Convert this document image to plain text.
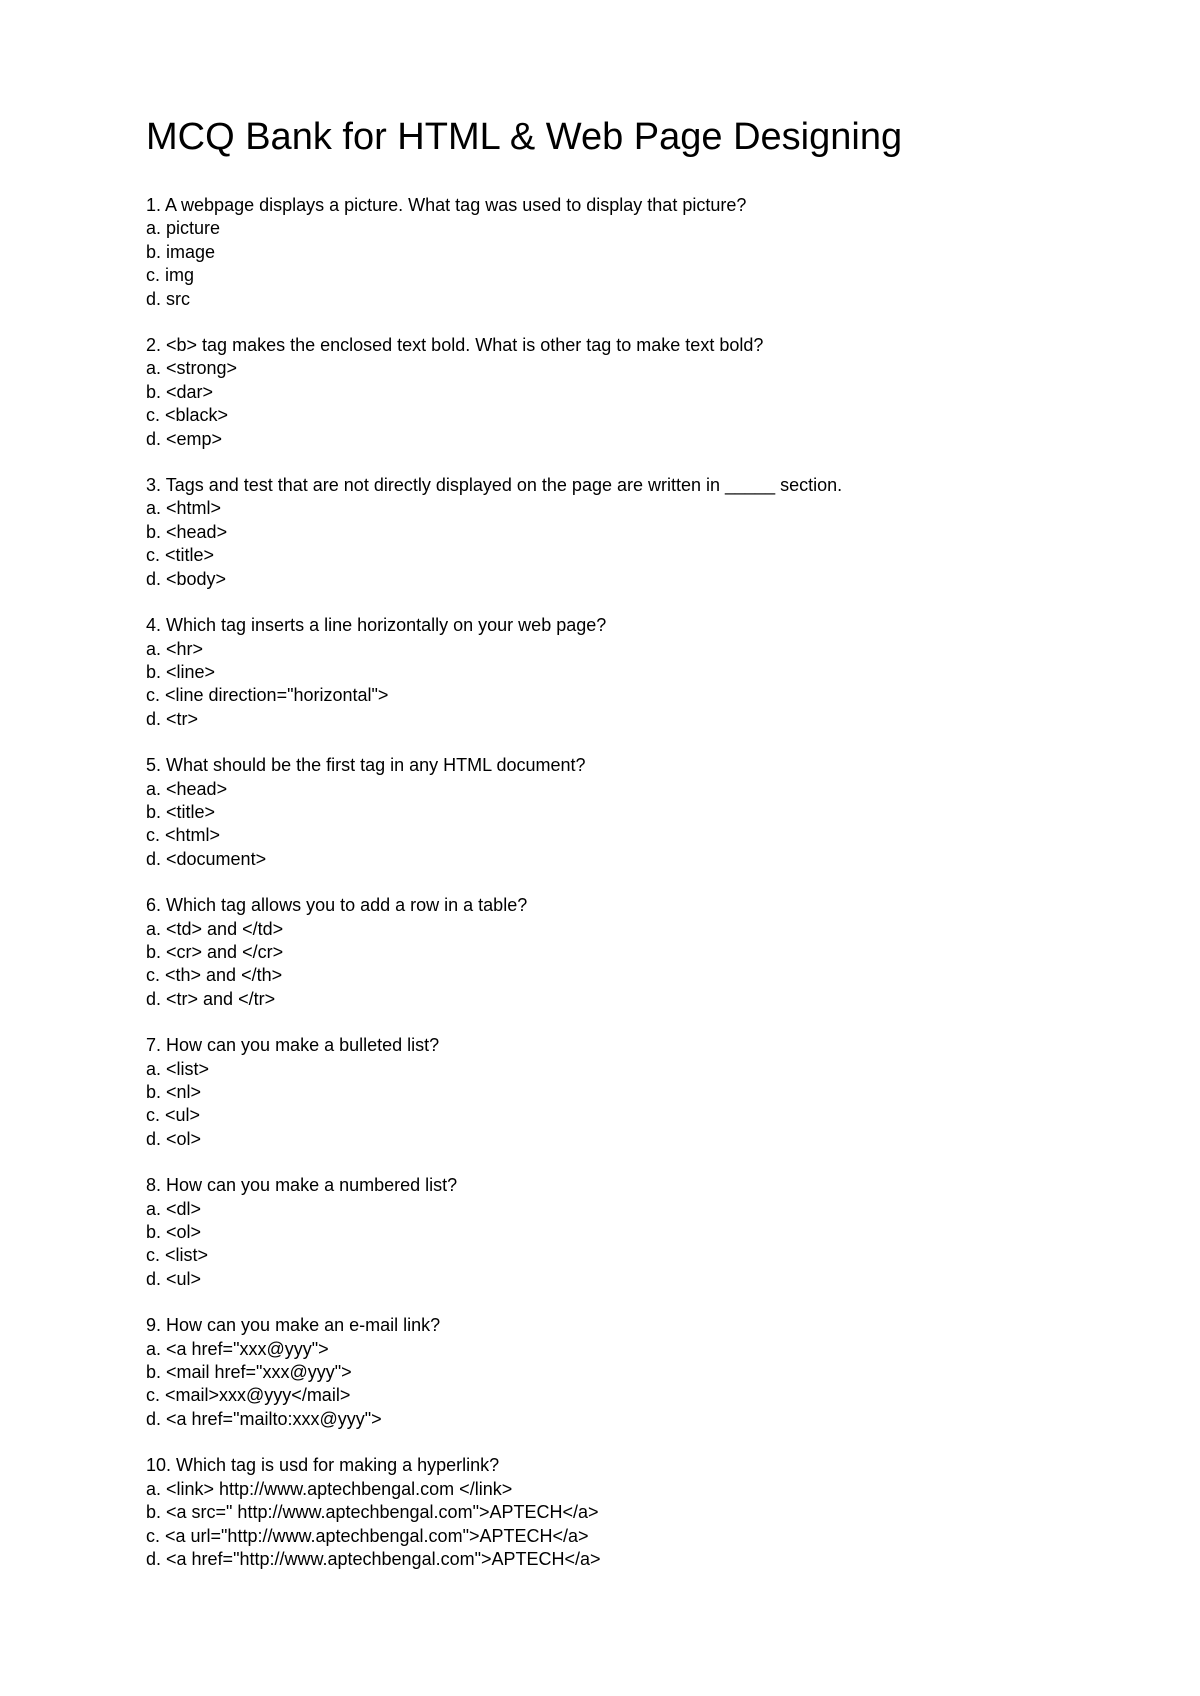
MCQ Bank for HTML & Web Page Designing
1. A webpage displays a picture. What tag was used to display that picture?
a. picture
b. image
c. img
d. src
2. <b> tag makes the enclosed text bold. What is other tag to make text bold?
a. <strong>
b. <dar>
c. <black>
d. <emp>
3. Tags and test that are not directly displayed on the page are written in _____ section.
a. <html>
b. <head>
c. <title>
d. <body>
4. Which tag inserts a line horizontally on your web page?
a. <hr>
b. <line>
c. <line direction="horizontal">
d. <tr>
5. What should be the first tag in any HTML document?
a. <head>
b. <title>
c. <html>
d. <document>
6. Which tag allows you to add a row in a table?
a. <td> and </td>
b. <cr> and </cr>
c. <th> and </th>
d. <tr> and </tr>
7. How can you make a bulleted list?
a. <list>
b. <nl>
c. <ul>
d. <ol>
8. How can you make a numbered list?
a. <dl>
b. <ol>
c. <list>
d. <ul>
9. How can you make an e-mail link?
a. <a href="xxx@yyy">
b. <mail href="xxx@yyy">
c. <mail>xxx@yyy</mail>
d. <a href="mailto:xxx@yyy">
10. Which tag is usd for making a hyperlink?
a. <link> http://www.aptechbengal.com </link>
b. <a src=" http://www.aptechbengal.com">APTECH</a>
c. <a url="http://www.aptechbengal.com">APTECH</a>
d. <a href="http://www.aptechbengal.com">APTECH</a>
